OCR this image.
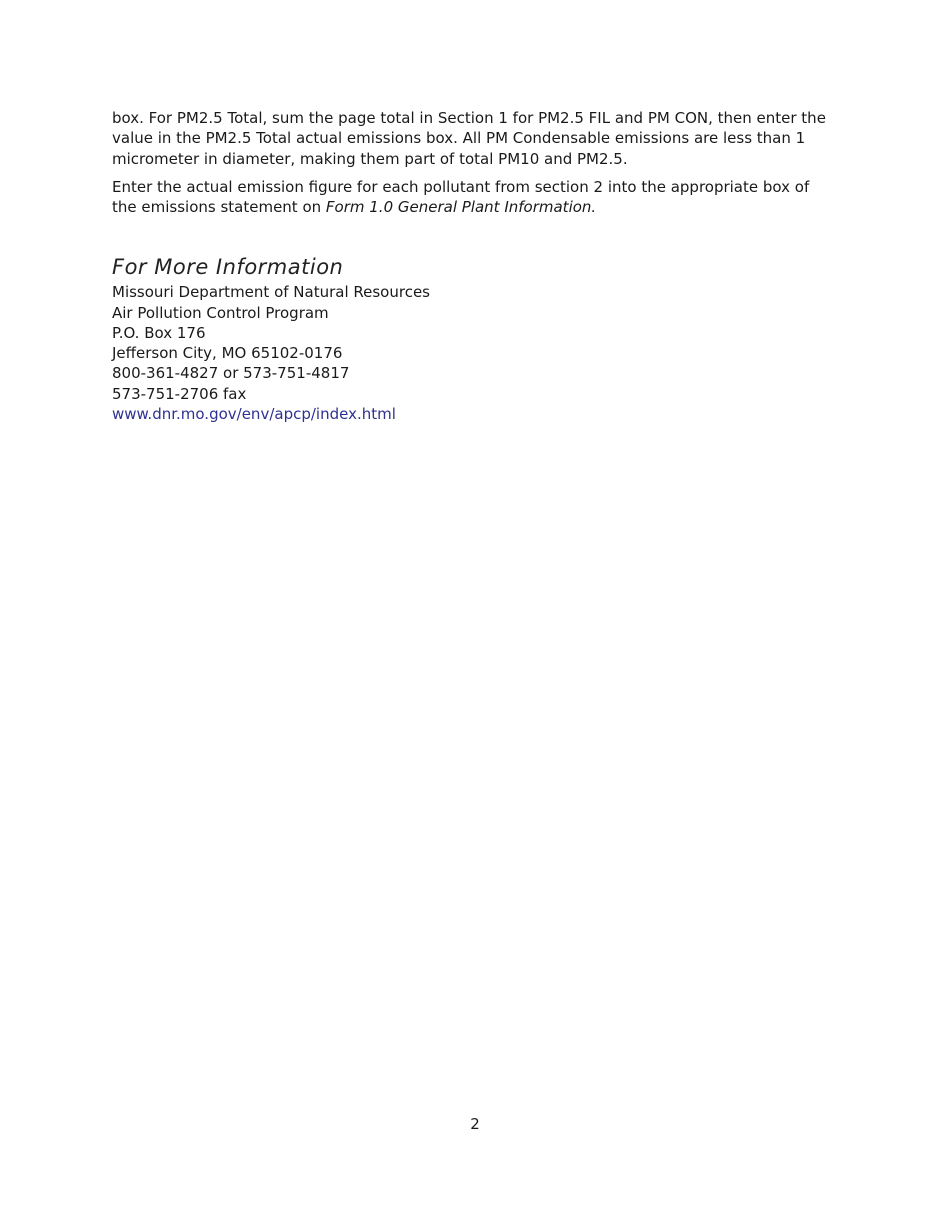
box. For PM2.5 Total, sum the page total in Section 1 for PM2.5 FIL and PM CON, then enter the value in the PM2.5 Total actual emissions box. All PM Condensable emissions are less than 1 micrometer in diameter, making them part of total PM10 and PM2.5.

Enter the actual emission figure for each pollutant from section 2 into the appropriate box of the emissions statement on Form 1.0 General Plant Information.

For More Information
Missouri Department of Natural Resources
Air Pollution Control Program
P.O. Box 176
Jefferson City, MO 65102-0176
800-361-4827 or 573-751-4817
573-751-2706 fax
www.dnr.mo.gov/env/apcp/index.html
2
